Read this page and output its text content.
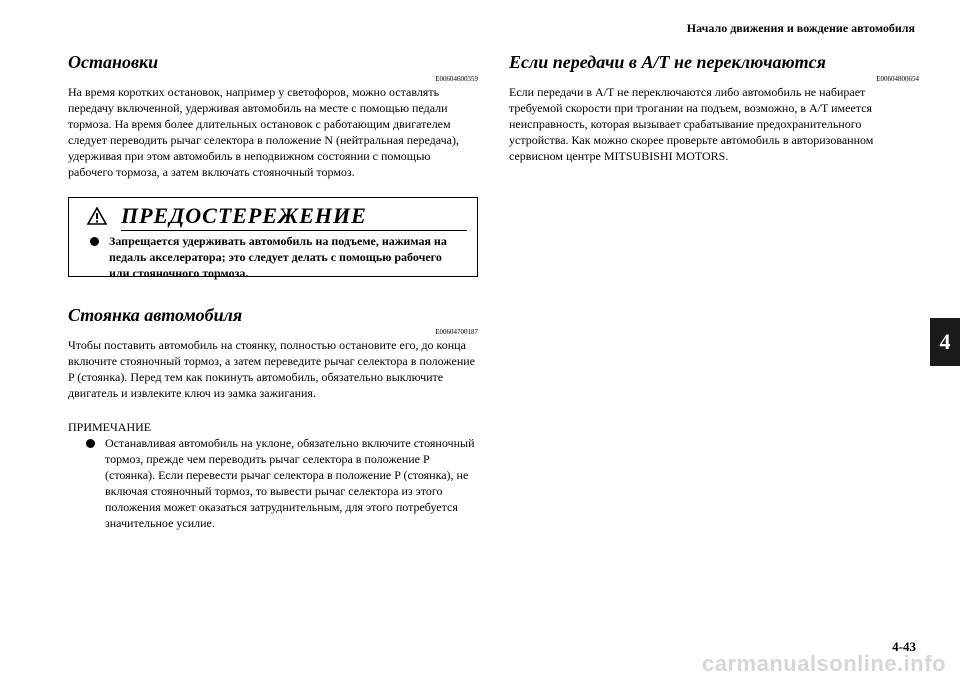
Начало движения и вождение автомобиля
4
Остановки
E00604600359

На время коротких остановок, например у светофоров, можно оставлять передачу включенной, удерживая автомобиль на месте с помощью педали тормоза. На время более длительных остановок с работающим двигателем следует переводить рычаг селектора в положение N (нейтральная передача), удерживая при этом автомобиль в неподвижном состоянии с помощью рабочего тормоза, а затем включать стояночный тормоз.

ПРЕДОСТЕРЕЖЕНИЕ
Запрещается удерживать автомобиль на подъеме, нажимая на педаль акселератора; это следует делать с помощью рабочего или стояночного тормоза.
Стоянка автомобиля
E00604700187

Чтобы поставить автомобиль на стоянку, полностью остановите его, до конца включите стояночный тормоз, а затем переведите рычаг селектора в положение P (стоянка). Перед тем как покинуть автомобиль, обязательно выключите двигатель и извлеките ключ из замка зажигания.

ПРИМЕЧАНИЕ
Останавливая автомобиль на уклоне, обязательно включите стояночный тормоз, прежде чем переводить рычаг селектора в положение P (стоянка). Если перевести рычаг селектора в положение P (стоянка), не включая стояночный тормоз, то вывести рычаг селектора из этого положения может оказаться затруднительным, для этого потребуется значительное усилие.
Если передачи в A/T не переключаются
E00604800654

Если передачи в A/T не переключаются либо автомобиль не набирает требуемой скорости при трогании на подъем, возможно, в A/T имеется неисправность, которая вызывает срабатывание предохранительного устройства. Как можно скорее проверьте автомобиль в авторизованном сервисном центре MITSUBISHI MOTORS.

4-43
carmanualsonline.info
